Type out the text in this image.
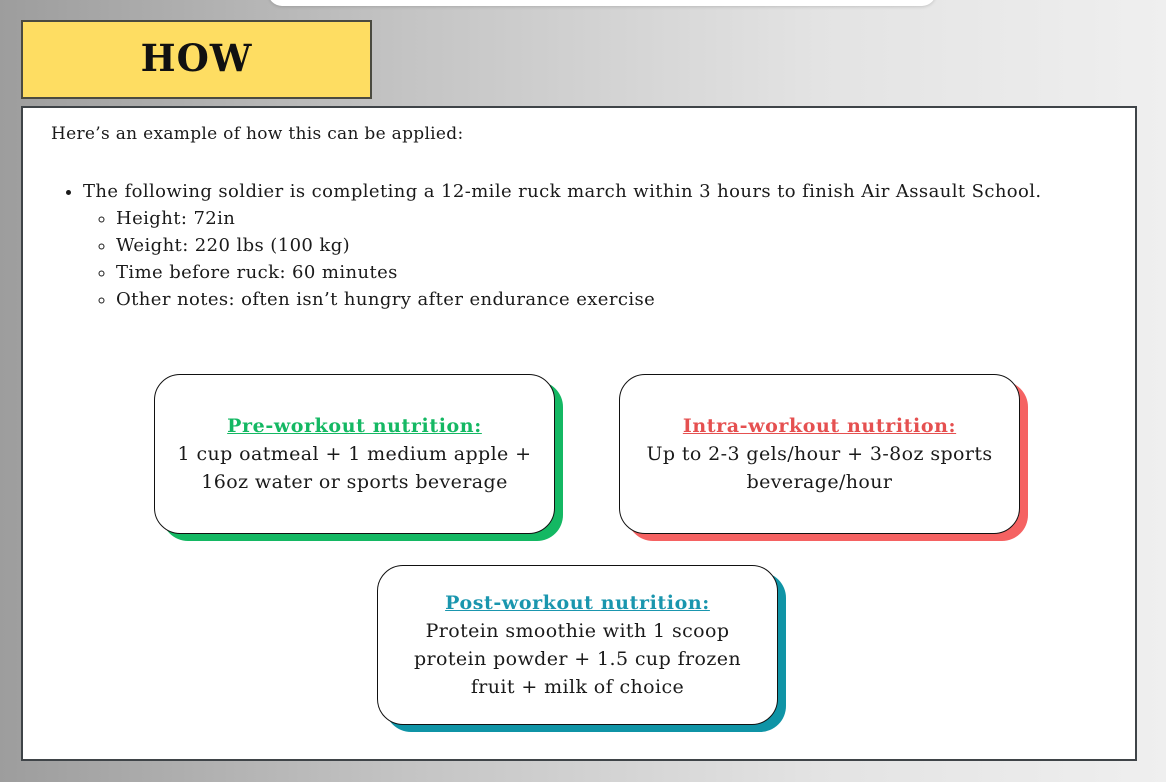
HOW

Here’s an example of how this can be applied:

• The following soldier is completing a 12-mile ruck march within 3 hours to finish Air Assault School.
◦ Height: 72in
◦ Weight: 220 lbs (100 kg)
◦ Time before ruck: 60 minutes
◦ Other notes: often isn’t hungry after endurance exercise
Pre-workout nutrition:
1 cup oatmeal + 1 medium apple + 16oz water or sports beverage
Intra-workout nutrition:
Up to 2-3 gels/hour + 3-8oz sports beverage/hour
Post-workout nutrition:
Protein smoothie with 1 scoop protein powder + 1.5 cup frozen fruit + milk of choice
